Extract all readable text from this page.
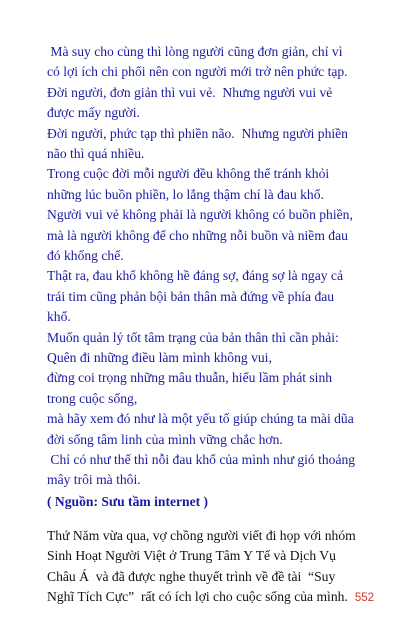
Mà suy cho cùng thì lòng người cũng đơn giản, chỉ vì
có lợi ích chi phối nên con người mới trở nên phức tạp.
Đời người, đơn giản thì vui vẻ.  Nhưng người vui vẻ
được mấy người.
Đời người, phức tạp thì phiền não.  Nhưng người phiền
não thì quá nhiều.
Trong cuộc đời mỗi người đều không thể tránh khỏi
những lúc buồn phiền, lo lắng thậm chí là đau khổ.
Người vui vẻ không phải là người không có buồn phiền,
mà là người không để cho những nỗi buồn và niềm đau
đó khống chế.
Thật ra, đau khổ không hề đáng sợ, đáng sợ là ngay cả
trái tim cũng phản bội bản thân mà đứng về phía đau
khổ.
Muốn quản lý tốt tâm trạng của bản thân thì cần phải:
Quên đi những điều làm mình không vui,
đừng coi trọng những mâu thuẫn, hiểu lầm phát sinh
trong cuộc sống,
mà hãy xem đó như là một yếu tố giúp chúng ta mài dũa
đời sống tâm linh của mình vững chắc hơn.
Chỉ có như thế thì nỗi đau khổ của mình như gió thoảng
mây trôi mà thôi.
( Nguồn: Sưu tầm internet )
Thứ Năm vừa qua, vợ chồng người viết đi họp với nhóm
Sinh Hoạt Người Việt ở Trung Tâm Y Tế và Dịch Vụ
Châu Á  và đã được nghe thuyết trình về đề tài  “Suy
Nghĩ Tích Cực”  rất có ích lợi cho cuộc sống của mình. 552
